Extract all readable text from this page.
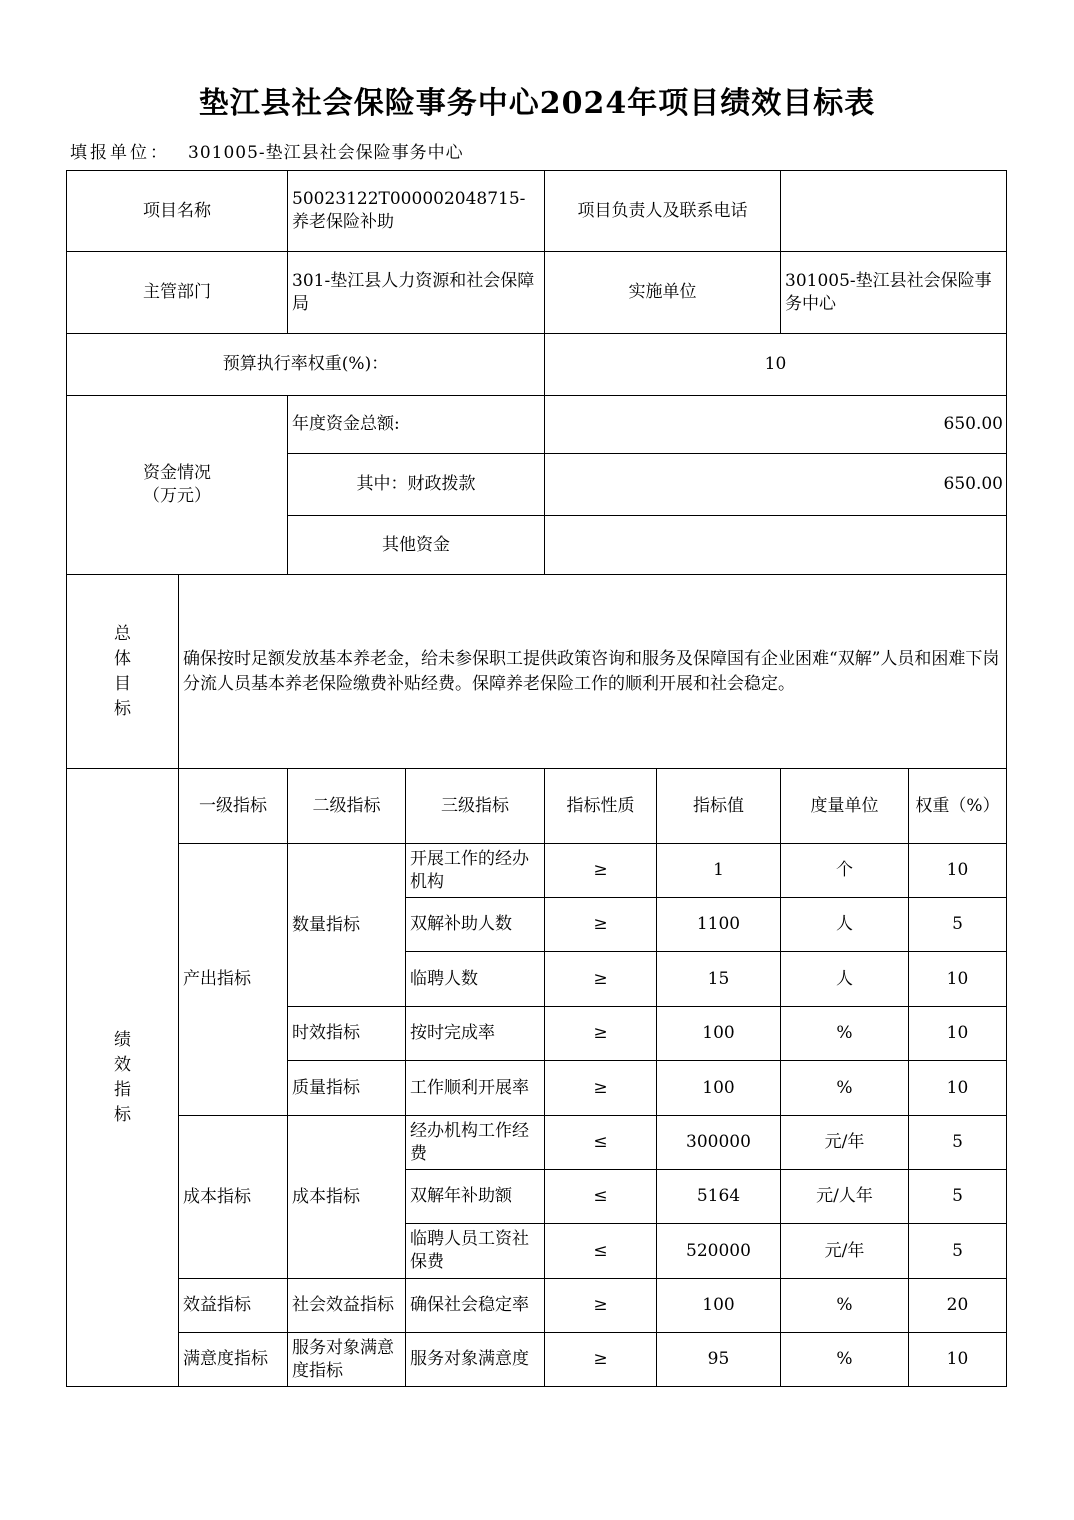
垫江县社会保险事务中心2024年项目绩效目标表
填报单位： 301005-垫江县社会保险事务中心
项目名称		50023122T000002048715-养老保险补助		项目负责人及联系电话			
主管部门		301-垫江县人力资源和社会保障局		实施单位		301005-垫江县社会保险事务中心	
预算执行率权重(%)：				10			

资金情况
（万元）		年度资金总额:		650.00			
		其中：财政拨款		650.00			
		其他资金					

总
体
目
标	确保按时足额发放基本养老金，给未参保职工提供政策咨询和服务及保障国有企业困难“双解”人员和困难下岗分流人员基本养老保险缴费补贴经费。保障养老保险工作的顺利开展和社会稳定。						

绩
效
指
标	一级指标	二级指标	三级指标	指标性质	指标值	度量单位	权重（%）
	产出指标	数量指标	开展工作的经办机构	≥	1	个	10
			双解补助人数	≥	1100	人	5
			临聘人数	≥	15	人	10
		时效指标	按时完成率	≥	100	%	10
		质量指标	工作顺利开展率	≥	100	%	10
	成本指标	成本指标	经办机构工作经费	≤	300000	元/年	5
			双解年补助额	≤	5164	元/人年	5
			临聘人员工资社保费	≤	520000	元/年	5
	效益指标	社会效益指标	确保社会稳定率	≥	100	%	20
	满意度指标	服务对象满意度指标	服务对象满意度	≥	95	%	10
